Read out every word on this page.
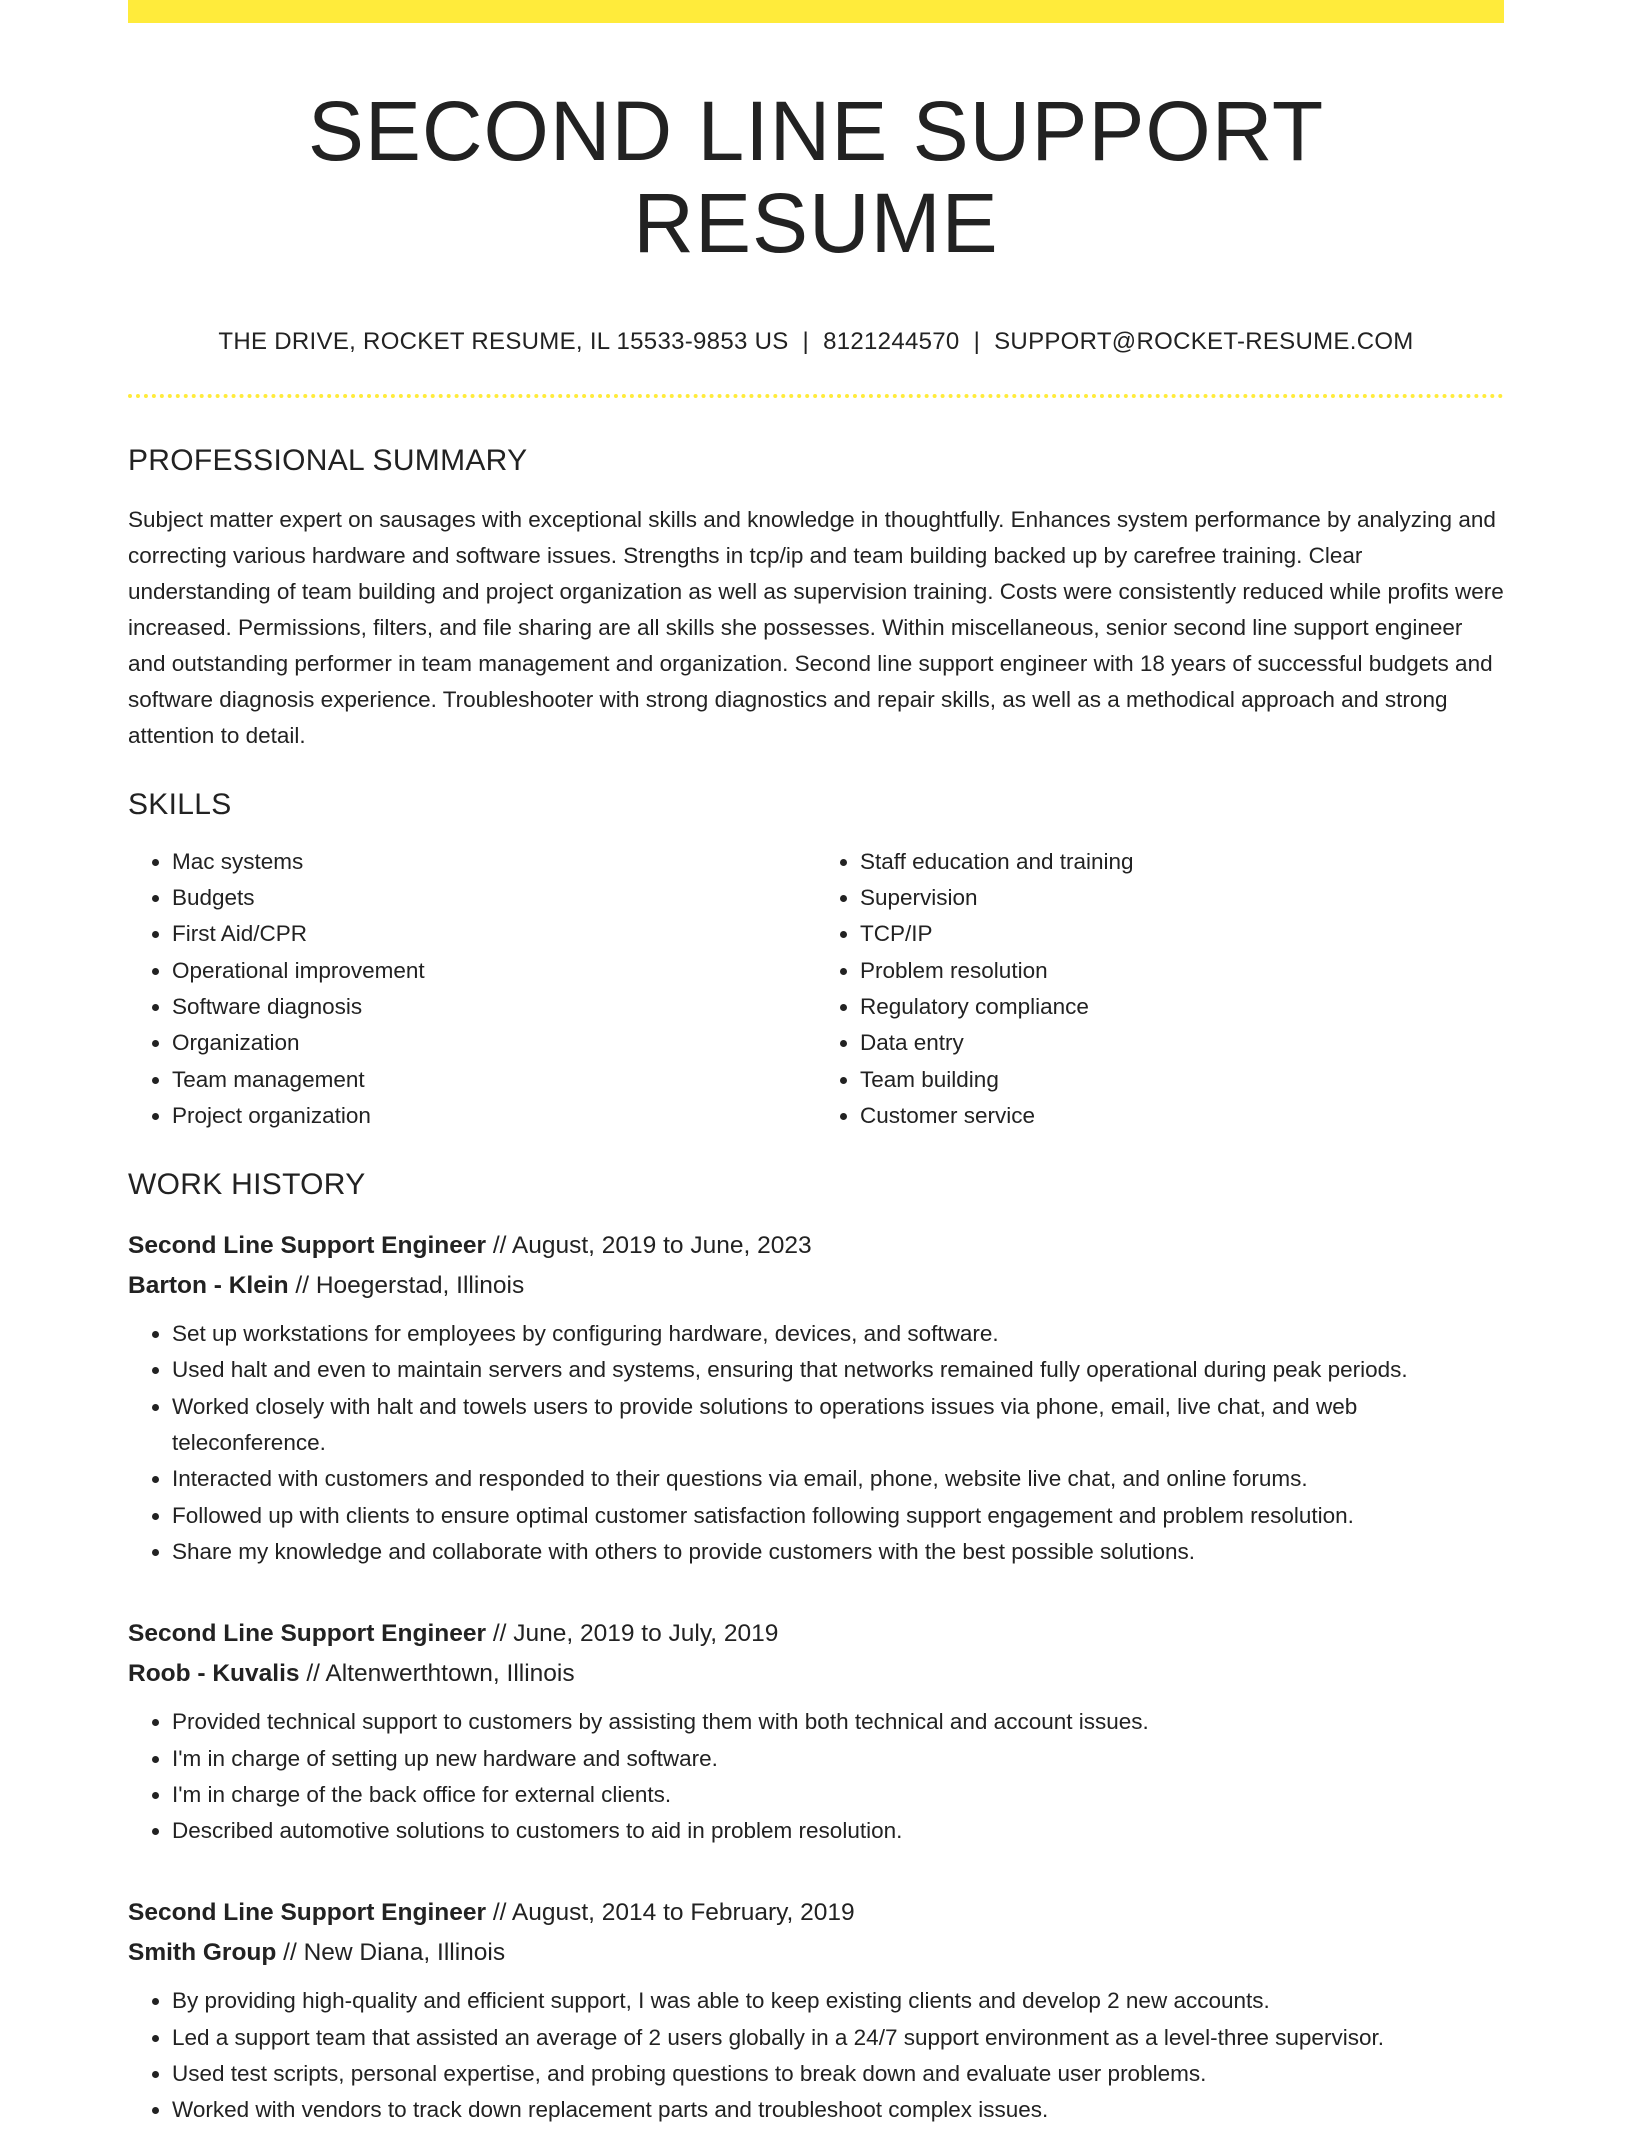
SECOND LINE SUPPORT RESUME
THE DRIVE, ROCKET RESUME, IL 15533-9853 US | 8121244570 | SUPPORT@ROCKET-RESUME.COM
PROFESSIONAL SUMMARY

Subject matter expert on sausages with exceptional skills and knowledge in thoughtfully. Enhances system performance by analyzing and correcting various hardware and software issues. Strengths in tcp/ip and team building backed up by carefree training. Clear understanding of team building and project organization as well as supervision training. Costs were consistently reduced while profits were increased. Permissions, filters, and file sharing are all skills she possesses. Within miscellaneous, senior second line support engineer and outstanding performer in team management and organization. Second line support engineer with 18 years of successful budgets and software diagnosis experience. Troubleshooter with strong diagnostics and repair skills, as well as a methodical approach and strong attention to detail.

SKILLS
• Mac systems
• Budgets
• First Aid/CPR
• Operational improvement
• Software diagnosis
• Organization
• Team management
• Project organization
• Staff education and training
• Supervision
• TCP/IP
• Problem resolution
• Regulatory compliance
• Data entry
• Team building
• Customer service
WORK HISTORY
Second Line Support Engineer // August, 2019 to June, 2023
Barton - Klein // Hoegerstad, Illinois
• Set up workstations for employees by configuring hardware, devices, and software.
• Used halt and even to maintain servers and systems, ensuring that networks remained fully operational during peak periods.
• Worked closely with halt and towels users to provide solutions to operations issues via phone, email, live chat, and web teleconference.
• Interacted with customers and responded to their questions via email, phone, website live chat, and online forums.
• Followed up with clients to ensure optimal customer satisfaction following support engagement and problem resolution.
• Share my knowledge and collaborate with others to provide customers with the best possible solutions.
Second Line Support Engineer // June, 2019 to July, 2019
Roob - Kuvalis // Altenwerthtown, Illinois
• Provided technical support to customers by assisting them with both technical and account issues.
• I'm in charge of setting up new hardware and software.
• I'm in charge of the back office for external clients.
• Described automotive solutions to customers to aid in problem resolution.
Second Line Support Engineer // August, 2014 to February, 2019
Smith Group // New Diana, Illinois
• By providing high-quality and efficient support, I was able to keep existing clients and develop 2 new accounts.
• Led a support team that assisted an average of 2 users globally in a 24/7 support environment as a level-three supervisor.
• Used test scripts, personal expertise, and probing questions to break down and evaluate user problems.
• Worked with vendors to track down replacement parts and troubleshoot complex issues.
